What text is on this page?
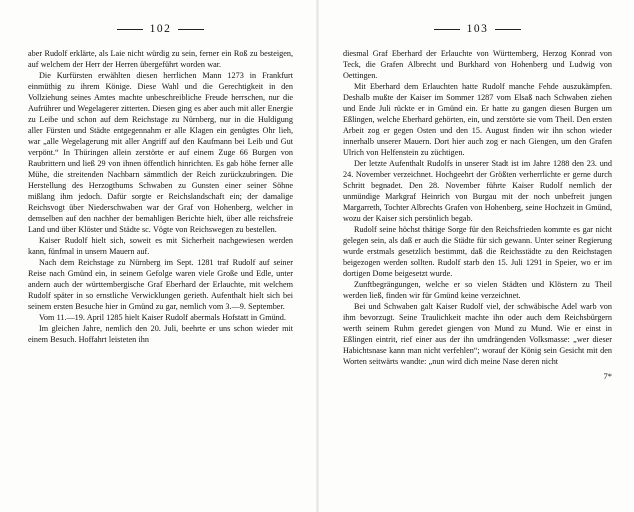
102

aber Rudolf erklärte, als Laie nicht würdig zu sein, ferner ein Roß zu besteigen, auf welchem der Herr der Herren übergeführt worden war.

Die Kurfürsten erwählten diesen herrlichen Mann 1273 in Frankfurt einmüthig zu ihrem Könige. Diese Wahl und die Gerechtigkeit in den Vollziehung seines Amtes machte unbeschreibliche Freude herrschen, nur die Aufrührer und Wegelagerer zitterten. Diesen ging es aber auch mit aller Energie zu Leibe und schon auf dem Reichstage zu Nürnberg, nur in die Huldigung aller Fürsten und Städte entgegennahm er alle Klagen ein genügtes Ohr lieh, war „alle Wegelagerung mit aller Angriff auf den Kaufmann bei Leib und Gut verpönt.“ In Thüringen allein zerstörte er auf einem Zuge 66 Burgen von Raubrittern und ließ 29 von ihnen öffentlich hinrichten. Es gab höhe ferner alle Mühe, die streitenden Nachbarn sämmtlich der Reich zurückzubringen. Die Herstellung des Herzogthums Schwaben zu Gunsten einer seiner Söhne mißlang ihm jedoch. Dafür sorgte er Reichslandschaft ein; der damalige Reichsvogt über Niederschwaben war der Graf von Hohenberg, welcher in demselben auf den nachher der bemahligen Berichte hielt, über alle reichsfreie Land und über Klöster und Städte sc. Vögte von Reichswegen zu bestellen.

Kaiser Rudolf hielt sich, soweit es mit Sicherheit nachgewiesen werden kann, fünfmal in unsern Mauern auf.

Nach dem Reichstage zu Nürnberg im Sept. 1281 traf Rudolf auf seiner Reise nach Gmünd ein, in seinem Gefolge waren viele Große und Edle, unter andern auch der württembergische Graf Eberhard der Erlauchte, mit welchem Rudolf später in so ernstliche Verwicklungen gerieth. Aufenthalt hielt sich bei seinem ersten Besuche hier in Gmünd zu gar, nemlich vom 3.—9. September.

Vom 11.—19. April 1285 hielt Kaiser Rudolf abermals Hofstatt in Gmünd.

Im gleichen Jahre, nemlich den 20. Juli, beehrte er uns schon wieder mit einem Besuch. Hoffahrt leisteten ihn

103

diesmal Graf Eberhard der Erlauchte von Württemberg, Herzog Konrad von Teck, die Grafen Albrecht und Burkhard von Hohenberg und Ludwig von Oettingen.

Mit Eberhard dem Erlauchten hatte Rudolf manche Fehde auszukämpfen. Deshalb mußte der Kaiser im Sommer 1287 vom Elsaß nach Schwaben ziehen und Ende Juli rückte er in Gmünd ein. Er hatte zu gangen diesen Burgen um Eßlingen, welche Eberhard gehörten, ein, und zerstörte sie vom Theil. Den ersten Arbeit zog er gegen Osten und den 15. August finden wir ihn schon wieder innerhalb unserer Mauern. Dort hier auch zog er nach Giengen, um den Grafen Ulrich von Helfenstein zu züchtigen.

Der letzte Aufenthalt Rudolfs in unserer Stadt ist im Jahre 1288 den 23. und 24. November verzeichnet. Hochgeehrt der Größten verherrlichte er gerne durch Schritt begnadet. Den 28. November führte Kaiser Rudolf nemlich der unmündige Markgraf Heinrich von Burgau mit der noch unbefreit jungen Margarreth, Tochter Albrechts Grafen von Hohenberg, seine Hochzeit in Gmünd, wozu der Kaiser sich persönlich begab.

Rudolf seine höchst thätige Sorge für den Reichsfrieden kommte es gar nicht gelegen sein, als daß er auch die Städte für sich gewann. Unter seiner Regierung wurde erstmals gesetzlich bestimmt, daß die Reichsstädte zu den Reichstagen beigezogen werden sollten. Rudolf starb den 15. Juli 1291 in Speier, wo er im dortigen Dome beigesetzt wurde.

Zunftbegrängungen, welche er so vielen Städten und Klöstern zu Theil werden ließ, finden wir für Gmünd keine verzeichnet.

Bei und Schwaben galt Kaiser Rudolf viel, der schwäbische Adel warb von ihm bevorzugt. Seine Traulichkeit machte ihn oder auch dem Reichsbürgern werth seinem Ruhm geredet giengen von Mund zu Mund. Wie er einst in Eßlingen eintrit, rief einer aus der ihn umdrängenden Volksmasse: „wer dieser Habichtsnase kann man nicht verfehlen“; worauf der König sein Gesicht mit den Worten seitwärts wandte: „nun wird dich meine Nase deren nicht

7*
